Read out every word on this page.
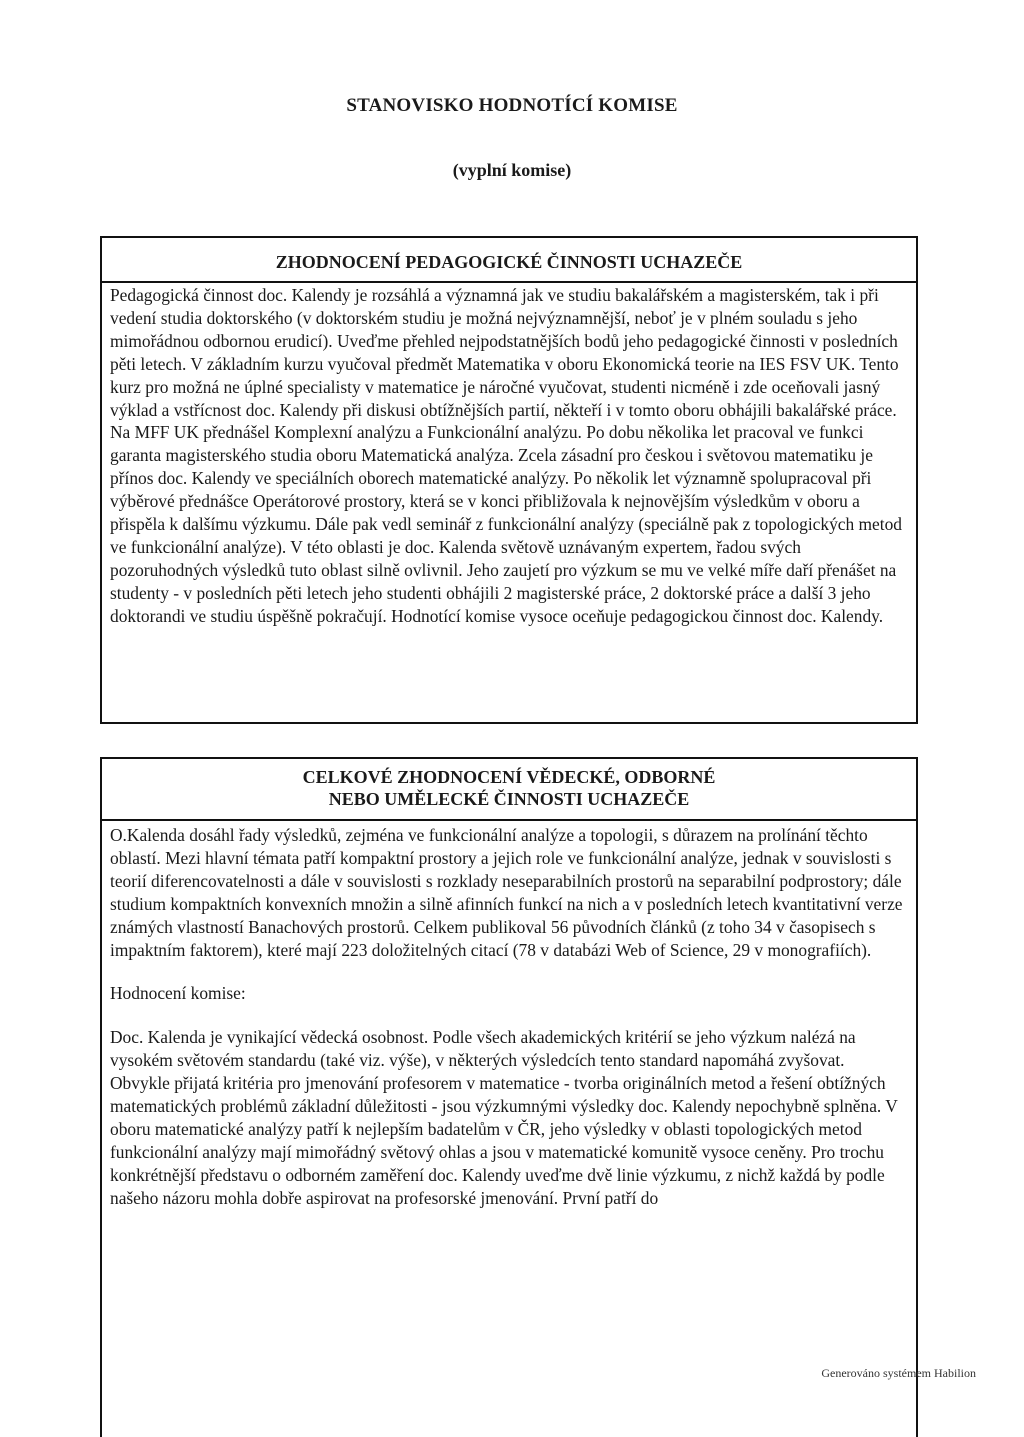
STANOVISKO HODNOTÍCÍ KOMISE
(vyplní komise)
ZHODNOCENÍ PEDAGOGICKÉ ČINNOSTI UCHAZEČE

Pedagogická činnost doc. Kalendy je rozsáhlá a významná jak ve studiu bakalářském a magisterském, tak i při vedení studia doktorského (v doktorském studiu je možná nejvýznamnější, neboť je v plném souladu s jeho mimořádnou odbornou erudicí). Uveďme přehled nejpodstatnějších bodů jeho pedagogické činnosti v posledních pěti letech. V základním kurzu vyučoval předmět Matematika v oboru Ekonomická teorie na IES FSV UK. Tento kurz pro možná ne úplné specialisty v matematice je náročné vyučovat, studenti nicméně i zde oceňovali jasný výklad a vstřícnost doc. Kalendy při diskusi obtížnějších partií, někteří i v tomto oboru obhájili bakalářské práce. Na MFF UK přednášel Komplexní analýzu a Funkcionální analýzu. Po dobu několika let pracoval ve funkci garanta magisterského studia oboru Matematická analýza. Zcela zásadní pro českou i světovou matematiku je přínos doc. Kalendy ve speciálních oborech matematické analýzy. Po několik let významně spolupracoval při výběrové přednášce Operátorové prostory, která se v konci přibližovala k nejnovějším výsledkům v oboru a přispěla k dalšímu výzkumu. Dále pak vedl seminář z funkcionální analýzy (speciálně pak z topologických metod ve funkcionální analýze). V této oblasti je doc. Kalenda světově uznávaným expertem, řadou svých pozoruhodných výsledků tuto oblast silně ovlivnil. Jeho zaujetí pro výzkum se mu ve velké míře daří přenášet na studenty - v posledních pěti letech jeho studenti obhájili 2 magisterské práce, 2 doktorské práce a další 3 jeho doktorandi ve studiu úspěšně pokračují. Hodnotící komise vysoce oceňuje pedagogickou činnost doc. Kalendy.

CELKOVÉ ZHODNOCENÍ VĚDECKÉ, ODBORNÉ
NEBO UMĚLECKÉ ČINNOSTI UCHAZEČE

O.Kalenda dosáhl řady výsledků, zejména ve funkcionální analýze a topologii, s důrazem na prolínání těchto oblastí. Mezi hlavní témata patří kompaktní prostory a jejich role ve funkcionální analýze, jednak v souvislosti s teorií diferencovatelnosti a dále v souvislosti s rozklady neseparabilních prostorů na separabilní podprostory; dále studium kompaktních konvexních množin a silně afinních funkcí na nich a v posledních letech kvantitativní verze známých vlastností Banachových prostorů. Celkem publikoval 56 původních článků (z toho 34 v časopisech s impaktním faktorem), které mají 223 doložitelných citací (78 v databázi Web of Science, 29 v monografiích).

Hodnocení komise:

Doc. Kalenda je vynikající vědecká osobnost. Podle všech akademických kritérií se jeho výzkum nalézá na vysokém světovém standardu (také viz. výše), v některých výsledcích tento standard napomáhá zvyšovat. Obvykle přijatá kritéria pro jmenování profesorem v matematice - tvorba originálních metod a řešení obtížných matematických problémů základní důležitosti - jsou výzkumnými výsledky doc. Kalendy nepochybně splněna. V oboru matematické analýzy patří k nejlepším badatelům v ČR, jeho výsledky v oblasti topologických metod funkcionální analýzy mají mimořádný světový ohlas a jsou v matematické komunitě vysoce ceněny. Pro trochu konkrétnější představu o odborném zaměření doc. Kalendy uveďme dvě linie výzkumu, z nichž každá by podle našeho názoru mohla dobře aspirovat na profesorské jmenování. První patří do

Generováno systémem Habilion
